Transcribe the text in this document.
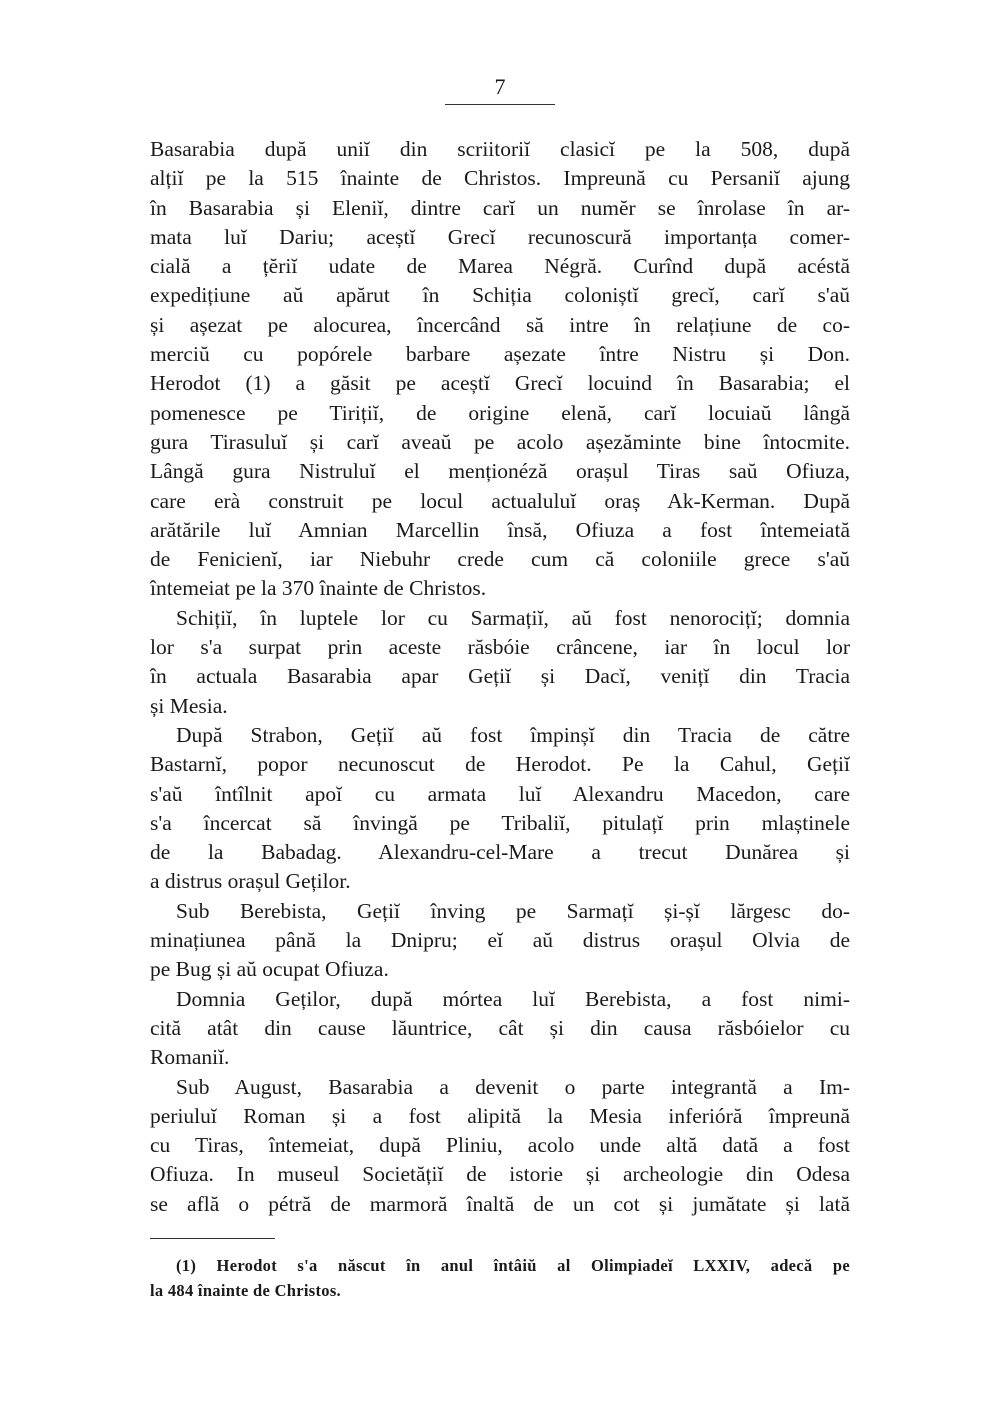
7
Basarabia după uniĭ din scriitoriĭ clasicĭ pe la 508, după
alțiĭ pe la 515 înainte de Christos. Impreună cu Persaniĭ ajung
în Basarabia și Eleniĭ, dintre carĭ un numĕr se înrolase în ar-
mata luĭ Dariu; aceștĭ Grecĭ recunoscură importanța comer-
cială a țĕriĭ udate de Marea Négră. Curînd după acéstă
expedițiune aŭ apărut în Schiția coloniștĭ grecĭ, carĭ s'aŭ
și așezat pe alocurea, încercând să intre în relațiune de co-
merciŭ cu popórele barbare așezate între Nistru și Don.
Herodot (1) a găsit pe aceștĭ Grecĭ locuind în Basarabia; el
pomenesce pe Tirițiĭ, de origine elenă, carĭ locuiaŭ lângă
gura Tirasuluĭ și carĭ aveaŭ pe acolo așezăminte bine întocmite.
Lângă gura Nistruluĭ el menționéză orașul Tiras saŭ Ofiuza,
care erà construit pe locul actualuluĭ oraș Ak-Kerman. După
arătările luĭ Amnian Marcellin însă, Ofiuza a fost întemeiată
de Fenicienĭ, iar Niebuhr crede cum că coloniile grece s'aŭ
întemeiat pe la 370 înainte de Christos.
Schițiĭ, în luptele lor cu Sarmațiĭ, aŭ fost nenorocițĭ; domnia
lor s'a surpat prin aceste răsbóie crâncene, iar în locul lor
în actuala Basarabia apar Gețiĭ și Dacĭ, venițĭ din Tracia
și Mesia.
După Strabon, Gețiĭ aŭ fost împinșĭ din Tracia de către
Bastarnĭ, popor necunoscut de Herodot. Pe la Cahul, Gețiĭ
s'aŭ întîlnit apoĭ cu armata luĭ Alexandru Macedon, care
s'a încercat să învingă pe Tribaliĭ, pitulațĭ prin mlaștinele
de la Babadag. Alexandru-cel-Mare a trecut Dunărea și
a distrus orașul Geților.
Sub Berebista, Gețiĭ înving pe Sarmațĭ și-șĭ lărgesc do-
minațiunea până la Dnipru; eĭ aŭ distrus orașul Olvia de
pe Bug și aŭ ocupat Ofiuza.
Domnia Geților, după mórtea luĭ Berebista, a fost nimi-
cită atât din cause lăuntrice, cât și din causa răsbóielor cu
Romaniĭ.
Sub August, Basarabia a devenit o parte integrantă a Im-
periuluĭ Roman și a fost alipită la Mesia inferióră împreună
cu Tiras, întemeiat, după Pliniu, acolo unde altă dată a fost
Ofiuza. In museul Societățiĭ de istorie și archeologie din Odesa
se află o pétră de marmoră înaltă de un cot și jumătate și lată
(1) Herodot s'a născut în anul întâiŭ al Olimpiadeĭ LXXIV, adecă pe
la 484 înainte de Christos.
